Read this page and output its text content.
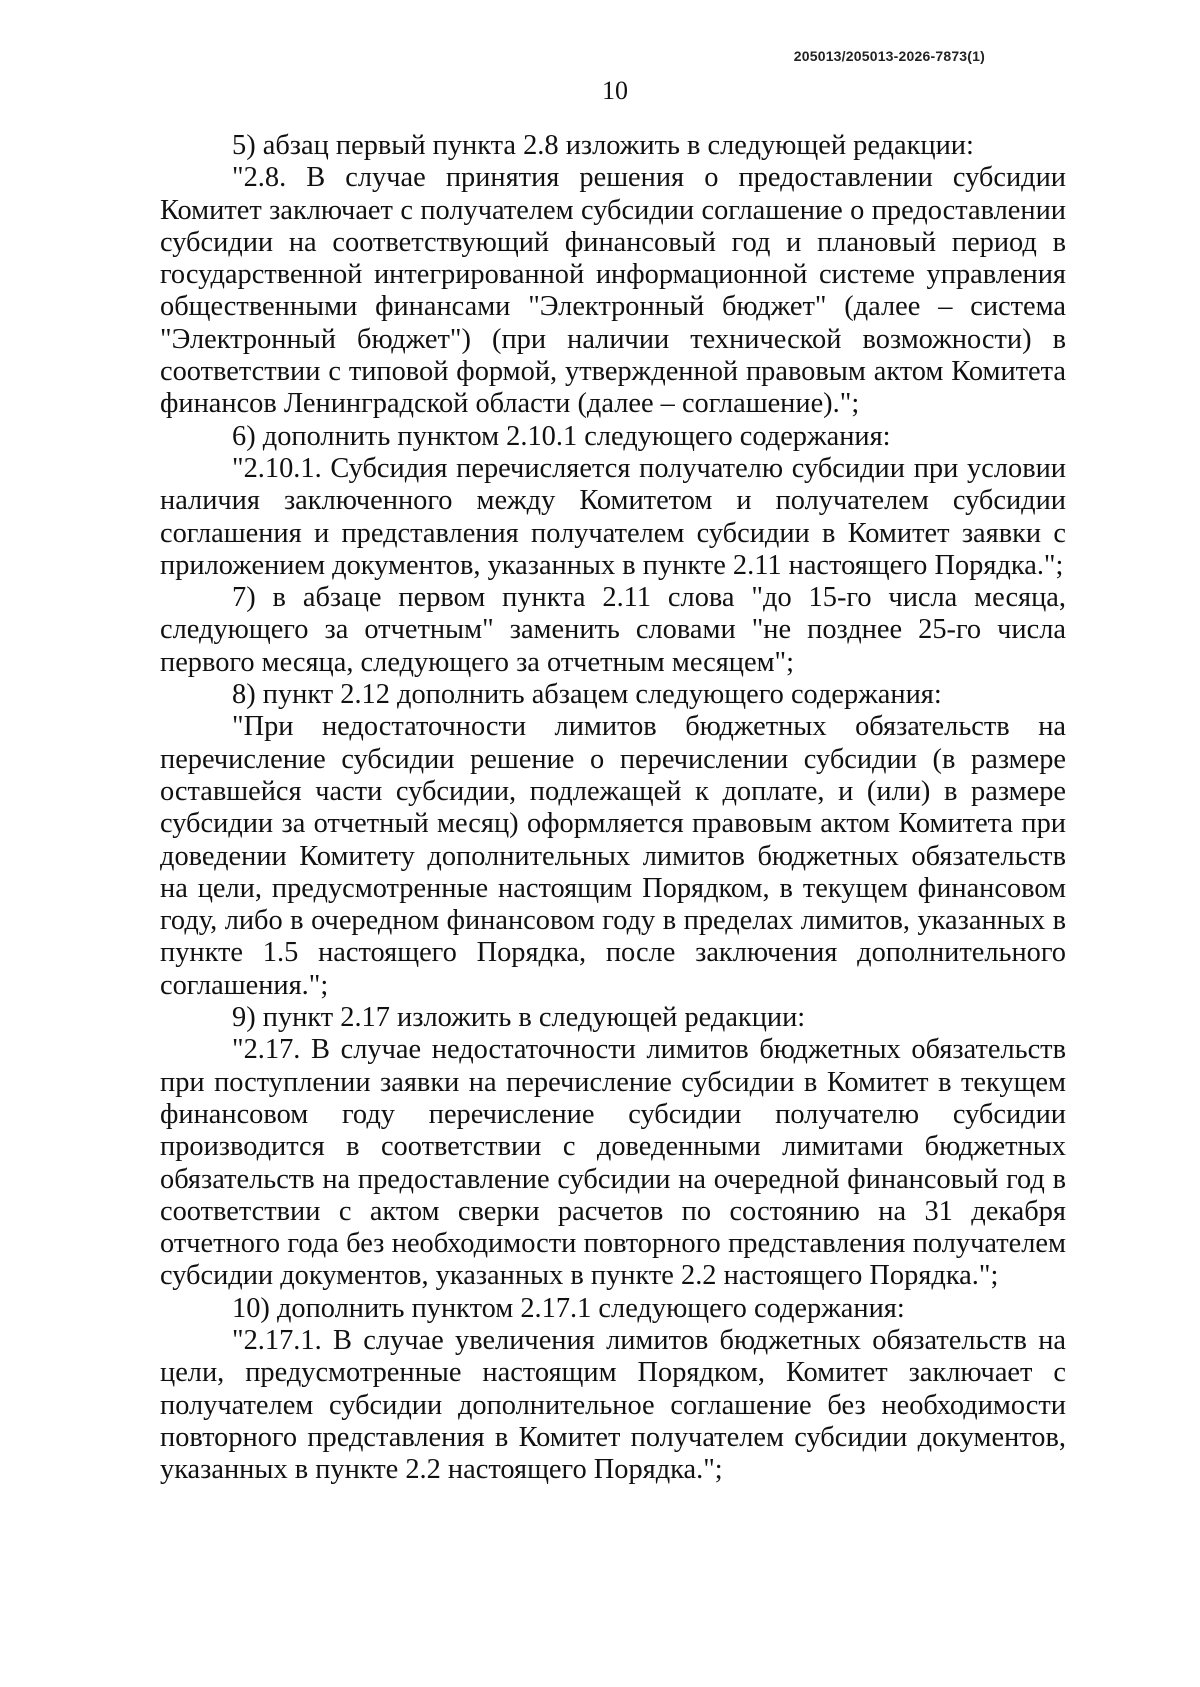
205013/205013-2026-7873(1)
10

5) абзац первый пункта 2.8 изложить в следующей редакции:

"2.8. В случае принятия решения о предоставлении субсидии Комитет заключает с получателем субсидии соглашение о предоставлении субсидии на соответствующий финансовый год и плановый период в государственной интегрированной информационной системе управления общественными финансами "Электронный бюджет" (далее – система "Электронный бюджет") (при наличии технической возможности) в соответствии с типовой формой, утвержденной правовым актом Комитета финансов Ленинградской области (далее – соглашение).";

6) дополнить пунктом 2.10.1 следующего содержания:

"2.10.1. Субсидия перечисляется получателю субсидии при условии наличия заключенного между Комитетом и получателем субсидии соглашения и представления получателем субсидии в Комитет заявки с приложением документов, указанных в пункте 2.11 настоящего Порядка.";

7) в абзаце первом пункта 2.11 слова "до 15-го числа месяца, следующего за отчетным" заменить словами "не позднее 25-го числа первого месяца, следующего за отчетным месяцем";

8) пункт 2.12 дополнить абзацем следующего содержания:

"При недостаточности лимитов бюджетных обязательств на перечисление субсидии решение о перечислении субсидии (в размере оставшейся части субсидии, подлежащей к доплате, и (или) в размере субсидии за отчетный месяц) оформляется правовым актом Комитета при доведении Комитету дополнительных лимитов бюджетных обязательств на цели, предусмотренные настоящим Порядком, в текущем финансовом году, либо в очередном финансовом году в пределах лимитов, указанных в пункте 1.5 настоящего Порядка, после заключения дополнительного соглашения.";

9) пункт 2.17 изложить в следующей редакции:

"2.17. В случае недостаточности лимитов бюджетных обязательств при поступлении заявки на перечисление субсидии в Комитет в текущем финансовом году перечисление субсидии получателю субсидии производится в соответствии с доведенными лимитами бюджетных обязательств на предоставление субсидии на очередной финансовый год в соответствии с актом сверки расчетов по состоянию на 31 декабря отчетного года без необходимости повторного представления получателем субсидии документов, указанных в пункте 2.2 настоящего Порядка.";

10) дополнить пунктом 2.17.1 следующего содержания:

"2.17.1. В случае увеличения лимитов бюджетных обязательств на цели, предусмотренные настоящим Порядком, Комитет заключает с получателем субсидии дополнительное соглашение без необходимости повторного представления в Комитет получателем субсидии документов, указанных в пункте 2.2 настоящего Порядка.";
